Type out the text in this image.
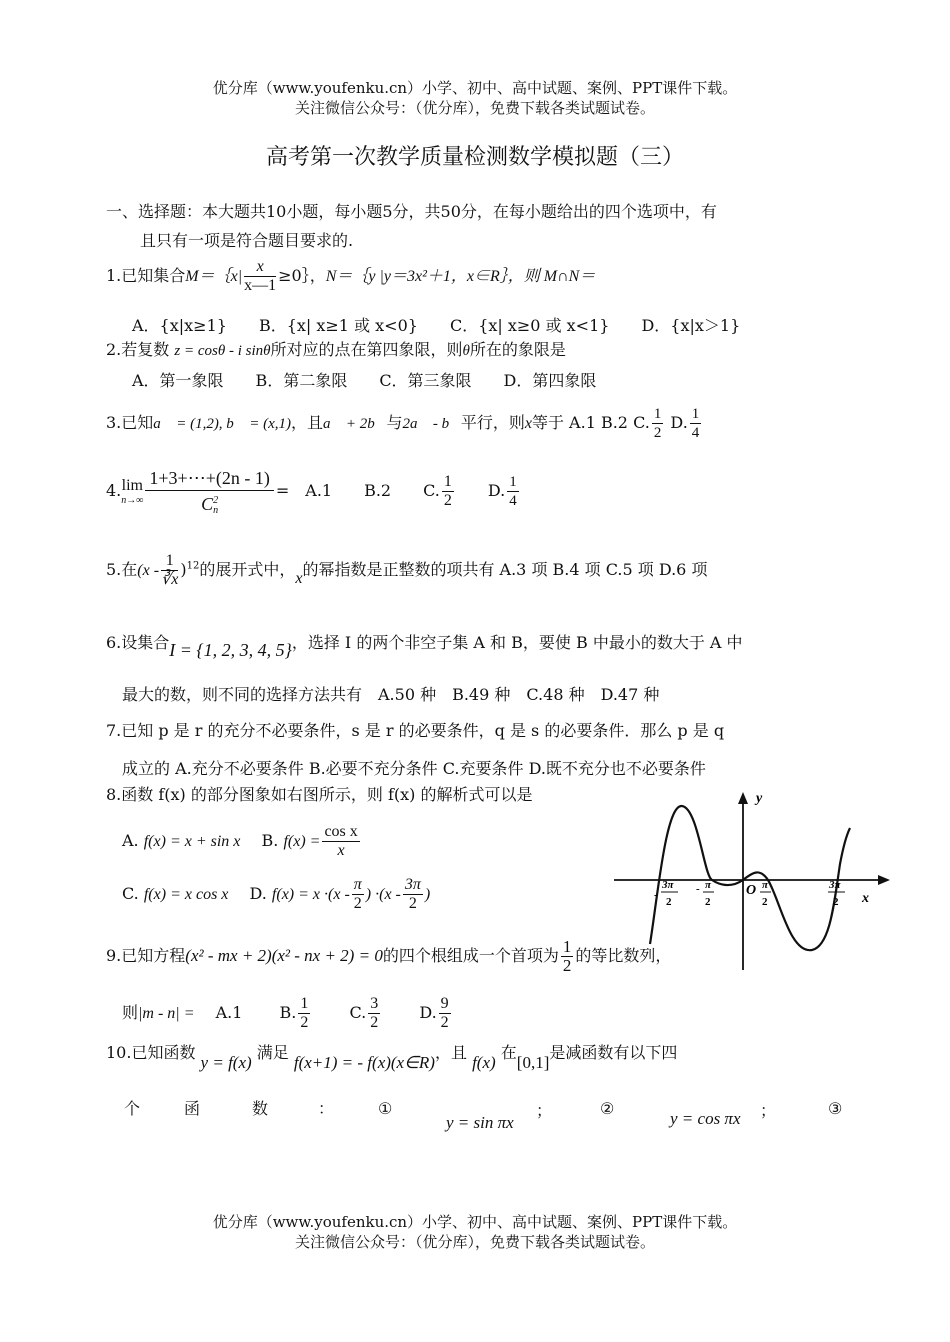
优分库（www.youfenku.cn）小学、初中、高中试题、案例、PPT课件下载。
关注微信公众号：（优分库），免费下载各类试题试卷。
高考第一次教学质量检测数学模拟题（三）
一、选择题：本大题共10小题，每小题5分，共50分，在每小题给出的四个选项中，有
且只有一项是符合题目要求的.
1.已知集合M＝｛x| $\frac{x}{x—1}$ ≥0｝，N＝｛y |y＝3x²＋1，x∈R｝，则 M∩N＝
A．{x|x≥1}　　B．{x| x≥1 或 x<0}　　C．{x| x≥0 或 x<1}　　D．{x|x＞1}
2.若复数 z = cosθ - i sinθ所对应的点在第四象限，则θ所在的象限是
A．第一象限　　B．第二象限　　C．第三象限　　D．第四象限
3.已知a⃗ = (1,2), b⃗ = (x,1)，且a⃗ + 2b⃗与2a⃗ - b⃗平行，则x等于 A.1 B.2 C. $\frac{1}{2} D$. $\frac{1}{4}$
4. lim
n→∞ 1+3+⋯+(2n - 1)
C 2
n =　 A.1　　B.2　　C. $\frac{1}{2}$ 　　D. $\frac{1}{4}$
5.在$(x - \frac{1}{∛x} )^{12}$的展开式中，x的幂指数是正整数的项共有 A.3 项 B.4 项 C.5 项 D.6 项
6.设集合I = {1, 2, 3, 4, 5}，选择 I 的两个非空子集 A 和 B，要使 B 中最小的数大于 A 中
最大的数，则不同的选择方法共有　A.50 种　B.49 种　C.48 种　D.47 种
7.已知 p 是 r 的充分不必要条件，s 是 r 的必要条件，q 是 s 的必要条件．那么 p 是 q
成立的 A.充分不必要条件 B.必要不充分条件 C.充要条件 D.既不充分也不必要条件
8.函数 f(x) 的部分图象如右图所示，则 f(x) 的解析式可以是
A. f(x) = x + sin x　 B. $f(x) = \frac{\text{cos x}}{x}$
C. f(x) = x cos x　 D. $f(x) = x \cdot(x - \frac{\pi}{2}$ ) $\cdot(x - \frac{3\pi}{2}$ )
y
x
O
-
3π
2
- π
2
π
2
3π
2
9.已知方程(x² - mx + 2)(x² - nx + 2) = 0的四个根组成一个首项为 $\frac{1}{2}$ 的等比数列，
则|m - n| =　 A.1　　 B. $\frac{1}{2}$
　　 C. $\frac{3}{2}$
　　 D. $\frac{9}{2}$
10.已知函数 y = f(x) 满足 f(x+1) = - f(x)(x∈R)，且 f(x) 在[0,1]是减函数有以下四
个	函	数	：	①
y = sin πx
；	②
y = cos πx ；	③
优分库（www.youfenku.cn）小学、初中、高中试题、案例、PPT课件下载。
关注微信公众号：（优分库），免费下载各类试题试卷。
